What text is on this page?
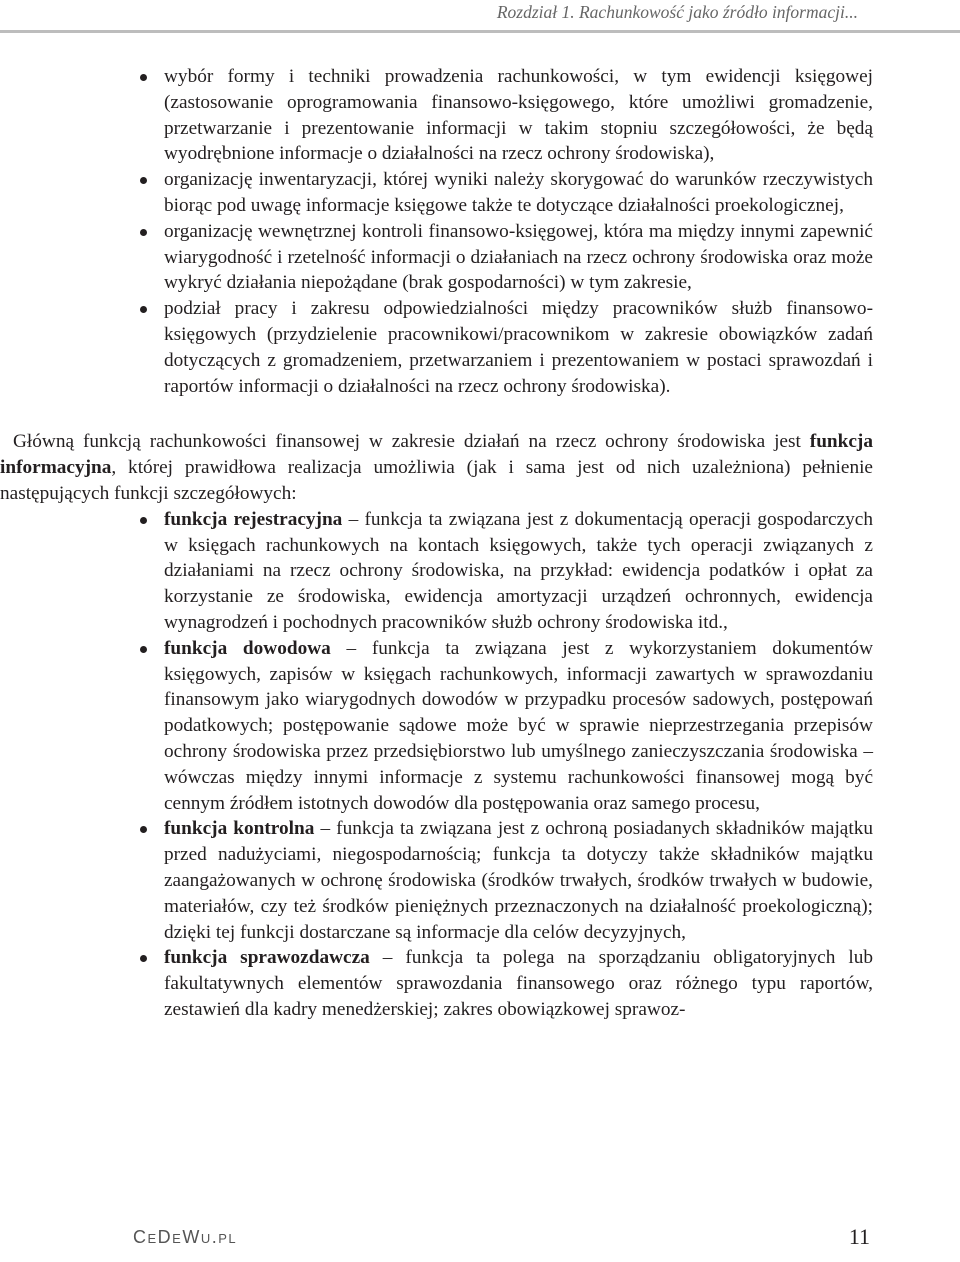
Rozdział 1. Rachunkowość jako źródło informacji...
wybór formy i techniki prowadzenia rachunkowości, w tym ewidencji księgowej (zastosowanie oprogramowania finansowo-księgowego, które umożliwi gromadzenie, przetwarzanie i prezentowanie informacji w takim stopniu szczegółowości, że będą wyodrębnione informacje o działalności na rzecz ochrony środowiska),
organizację inwentaryzacji, której wyniki należy skorygować do warunków rzeczywistych biorąc pod uwagę informacje księgowe także te dotyczące działalności proekologicznej,
organizację wewnętrznej kontroli finansowo-księgowej, która ma między innymi zapewnić wiarygodność i rzetelność informacji o działaniach na rzecz ochrony środowiska oraz może wykryć działania niepożądane (brak gospodarności) w tym zakresie,
podział pracy i zakresu odpowiedzialności między pracowników służb finansowo-księgowych (przydzielenie pracownikowi/pracownikom w zakresie obowiązków zadań dotyczących z gromadzeniem, przetwarzaniem i prezentowaniem w postaci sprawozdań i raportów informacji o działalności na rzecz ochrony środowiska).

Główną funkcją rachunkowości finansowej w zakresie działań na rzecz ochrony środowiska jest funkcja informacyjna, której prawidłowa realizacja umożliwia (jak i sama jest od nich uzależniona) pełnienie następujących funkcji szczegółowych:

funkcja rejestracyjna – funkcja ta związana jest z dokumentacją operacji gospodarczych w księgach rachunkowych na kontach księgowych, także tych operacji związanych z działaniami na rzecz ochrony środowiska, na przykład: ewidencja podatków i opłat za korzystanie ze środowiska, ewidencja amortyzacji urządzeń ochronnych, ewidencja wynagrodzeń i pochodnych pracowników służb ochrony środowiska itd.,
funkcja dowodowa – funkcja ta związana jest z wykorzystaniem dokumentów księgowych, zapisów w księgach rachunkowych, informacji zawartych w sprawozdaniu finansowym jako wiarygodnych dowodów w przypadku procesów sadowych, postępowań podatkowych; postępowanie sądowe może być w sprawie nieprzestrzegania przepisów ochrony środowiska przez przedsiębiorstwo lub umyślnego zanieczyszczania środowiska – wówczas między innymi informacje z systemu rachunkowości finansowej mogą być cennym źródłem istotnych dowodów dla postępowania oraz samego procesu,
funkcja kontrolna – funkcja ta związana jest z ochroną posiadanych składników majątku przed nadużyciami, niegospodarnością; funkcja ta dotyczy także składników majątku zaangażowanych w ochronę środowiska (środków trwałych, środków trwałych w budowie, materiałów, czy też środków pieniężnych przeznaczonych na działalność proekologiczną); dzięki tej funkcji dostarczane są informacje dla celów decyzyjnych,
funkcja sprawozdawcza – funkcja ta polega na sporządzaniu obligatoryjnych lub fakultatywnych elementów sprawozdania finansowego oraz różnego typu raportów, zestawień dla kadry menedżerskiej; zakres obowiązkowej sprawoz-
CeDeWu.pl	11
